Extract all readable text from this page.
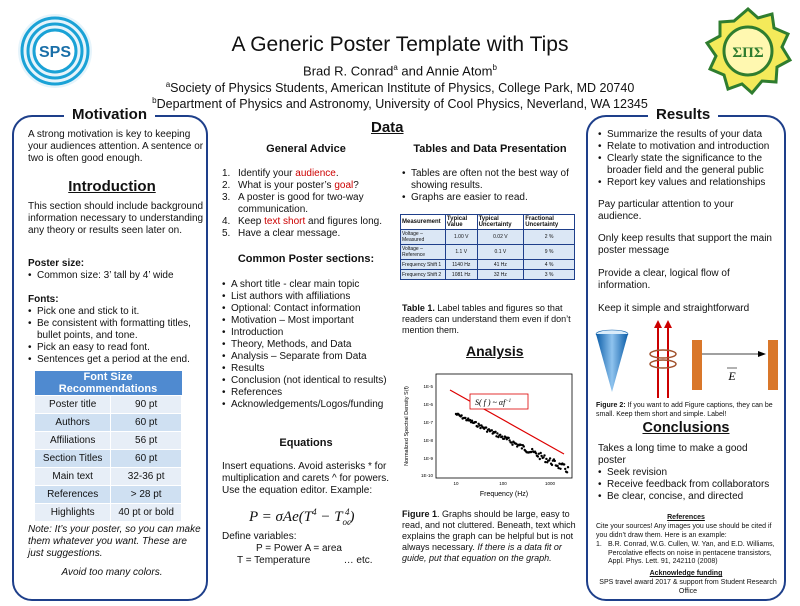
SPS	ΣΠΣ
A Generic Poster Template with Tips
Brad R. Conrad$^a$ and Annie Atom$^b$
$^a$Society of Physics Students, American Institute of Physics, College Park, MD 20740
$^b$Department of Physics and Astronomy, University of Cool Physics, Neverland, WA 12345
Motivation

A strong motivation is key to keeping your audiences attention. A sentence or two is often good enough.

Introduction

This section should include background information necessary to understanding any theory or results seen later on.

Poster size:

• Common size: 3’ tall by 4’ wide

Fonts:

• Pick one and stick to it.
• Be consistent with formatting titles, bullet points, and tone.
• Pick an easy to read font.
• Sentences get a period at the end.
Font Size Recommendations	
Poster title	90 pt
Authors	60 pt
Affiliations	56 pt
Section Titles	60 pt
Main text	32-36 pt
References	> 28 pt
Highlights	40 pt or bold

Note: It’s your poster, so you can make them whatever you want. These are just suggestions.

Avoid too many colors.

Data
General Advice
1. Identify your audience.
2. What is your poster’s goal?
3. A poster is good for two-way communication.
4. Keep text short and figures long.
5. Have a clear message.
Common Poster sections:
• A short title - clear main topic
• List authors with affiliations
• Optional: Contact information
• Motivation – Most important
• Introduction
• Theory, Methods, and Data
• Analysis – Separate from Data
• Results
• Conclusion (not identical to results)
• References
• Acknowledgements/Logos/funding
Equations

Insert equations. Avoid asterisks * for multiplication and carets ^ for powers. Use the equation editor. Example:

$P = \sigma Ae(T^4 - T_{oc}^4)$

Define variables:

P = Power A = area

T = Temperature            … etc.

Tables and Data Presentation
• Tables are often not the best way of showing results.
• Graphs are easier to read.
Measurement	Typical Value	Typical Uncertainty	Fractional Uncertainty
Voltage – Measured	1.00 V	0.02 V	2 %
Voltage – Reference	1.1 V	0.1 V	9 %
Frequency Shift 1	1140 Hz	41 Hz	4 %
Frequency Shift 2	1081 Hz	32 Hz	3 %

Table 1. Label tables and figures so that readers can understand them even if don’t mention them.

Analysis
Normalized Spectral Density S(f)	1E-5
1E-6
1E-7
1E-8
1E-9
1E-10
10	100	1000
Frequency (Hz)
S( f ) ~ $\alpha f^{-1}$

Figure 1. Graphs should be large, easy to read, and not cluttered. Beneath, text which explains the graph can be helpful but is not always necessary. If there is a data fit or guide, put that equation on the graph.

Results
• Summarize the results of your data
• Relate to motivation and introduction
• Clearly state the significance to the broader field and the general public
• Report key values and relationships

Pay particular attention to your audience.

Only keep results that support the main poster message

Provide a clear, logical flow of information.

Keep it simple and straightforward

E

Figure 2: If you want to add Figure captions, they can be small. Keep them short and simple. Label!

Conclusions

Takes a long time to make a good poster

• Seek revision
• Receive feedback from collaborators
• Be clear, concise, and directed

References

Cite your sources! Any images you use should be cited if you didn’t draw them. Here is an example:

1. B.R. Conrad, W.G. Cullen, W. Yan, and E.D. Williams, Percolative effects on noise in pentacene transistors, Appl. Phys. Lett. 91, 242110 (2008)

Acknowledge funding

SPS travel award 2017 & support from Student Research Office
